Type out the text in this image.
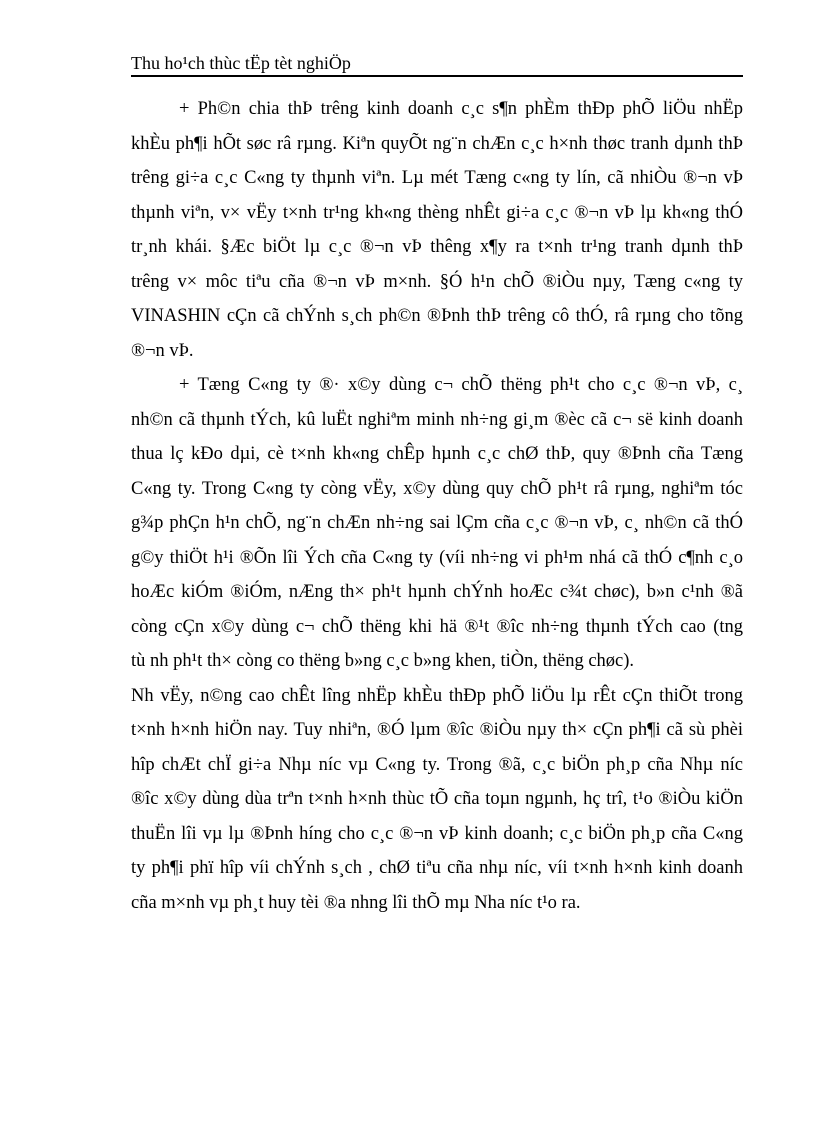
Thu ho¹ch thùc tËp tèt nghiÖp
+ Ph©n chia thÞ trêng kinh doanh c¸c s¶n phÈm thÐp phÕ liÖu nhËp
khÈu ph¶i hÕt søc râ rµng. Kiªn quyÕt ng¨n chÆn c¸c h×nh thøc tranh dµnh thÞ
trêng gi÷a c¸c C«ng ty thµnh viªn. Lµ mét Tæng c«ng ty lín, cã nhiÒu ®¬n vÞ
thµnh viªn, v× vËy t×nh tr¹ng kh«ng thèng nhÊt gi÷a c¸c ®¬n vÞ lµ kh«ng thÓ
tr¸nh khái. §Æc biÖt lµ c¸c ®¬n vÞ thêng x¶y ra t×nh tr¹ng tranh dµnh thÞ
trêng v× môc tiªu cña ®¬n vÞ m×nh. §Ó h¹n chÕ ®iÒu nµy, Tæng c«ng ty
VINASHIN cÇn cã chÝnh s¸ch ph©n ®Þnh thÞ trêng cô thÓ, râ rµng cho tõng
®¬n vÞ.
+ Tæng C«ng ty ®· x©y dùng c¬ chÕ thëng ph¹t cho c¸c ®¬n vÞ, c¸
nh©n cã thµnh tÝch, kû luËt nghiªm minh nh÷ng gi¸m ®èc cã c¬ së kinh doanh
thua lç kÐo dµi, cè t×nh kh«ng chÊp hµnh c¸c chØ thÞ, quy ®Þnh cña Tæng
C«ng ty. Trong C«ng ty còng vËy, x©y dùng quy chÕ ph¹t râ rµng, nghiªm tóc
g¾p phÇn h¹n chÕ, ng¨n chÆn nh÷ng sai lÇm cña c¸c ®¬n vÞ, c¸ nh©n cã thÓ
g©y thiÖt h¹i ®Õn lîi Ých cña C«ng ty (víi nh÷ng vi ph¹m nhá cã thÓ c¶nh c¸o
hoÆc kiÓm ®iÓm, nÆng th× ph¹t hµnh chÝnh hoÆc c¾t chøc), b»n c¹nh ®ã
còng cÇn x©y dùng c¬ chÕ thëng khi hä ®¹t ®îc nh÷ng thµnh tÝch cao (tng
tù nh ph¹t th× còng co thëng b»ng c¸c b»ng khen, tiÒn, thëng chøc).
Nh vËy, n©ng cao chÊt lîng nhËp khÈu thÐp phÕ liÖu lµ rÊt cÇn thiÕt trong
t×nh h×nh hiÖn nay. Tuy nhiªn, ®Ó lµm ®îc ®iÒu nµy th× cÇn ph¶i cã sù phèi
hîp chÆt chÏ gi÷a Nhµ níc vµ C«ng ty. Trong ®ã, c¸c biÖn ph¸p cña Nhµ níc
®îc x©y dùng dùa trªn t×nh h×nh thùc tÕ cña toµn ngµnh, hç trî, t¹o ®iÒu kiÖn
thuËn lîi vµ lµ ®Þnh híng cho c¸c ®¬n vÞ kinh doanh; c¸c biÖn ph¸p cña C«ng
ty ph¶i phï hîp víi chÝnh s¸ch , chØ tiªu cña nhµ níc, víi t×nh h×nh kinh doanh
cña m×nh vµ ph¸t huy tèi ®a nhng lîi thÕ mµ Nha níc t¹o ra.
